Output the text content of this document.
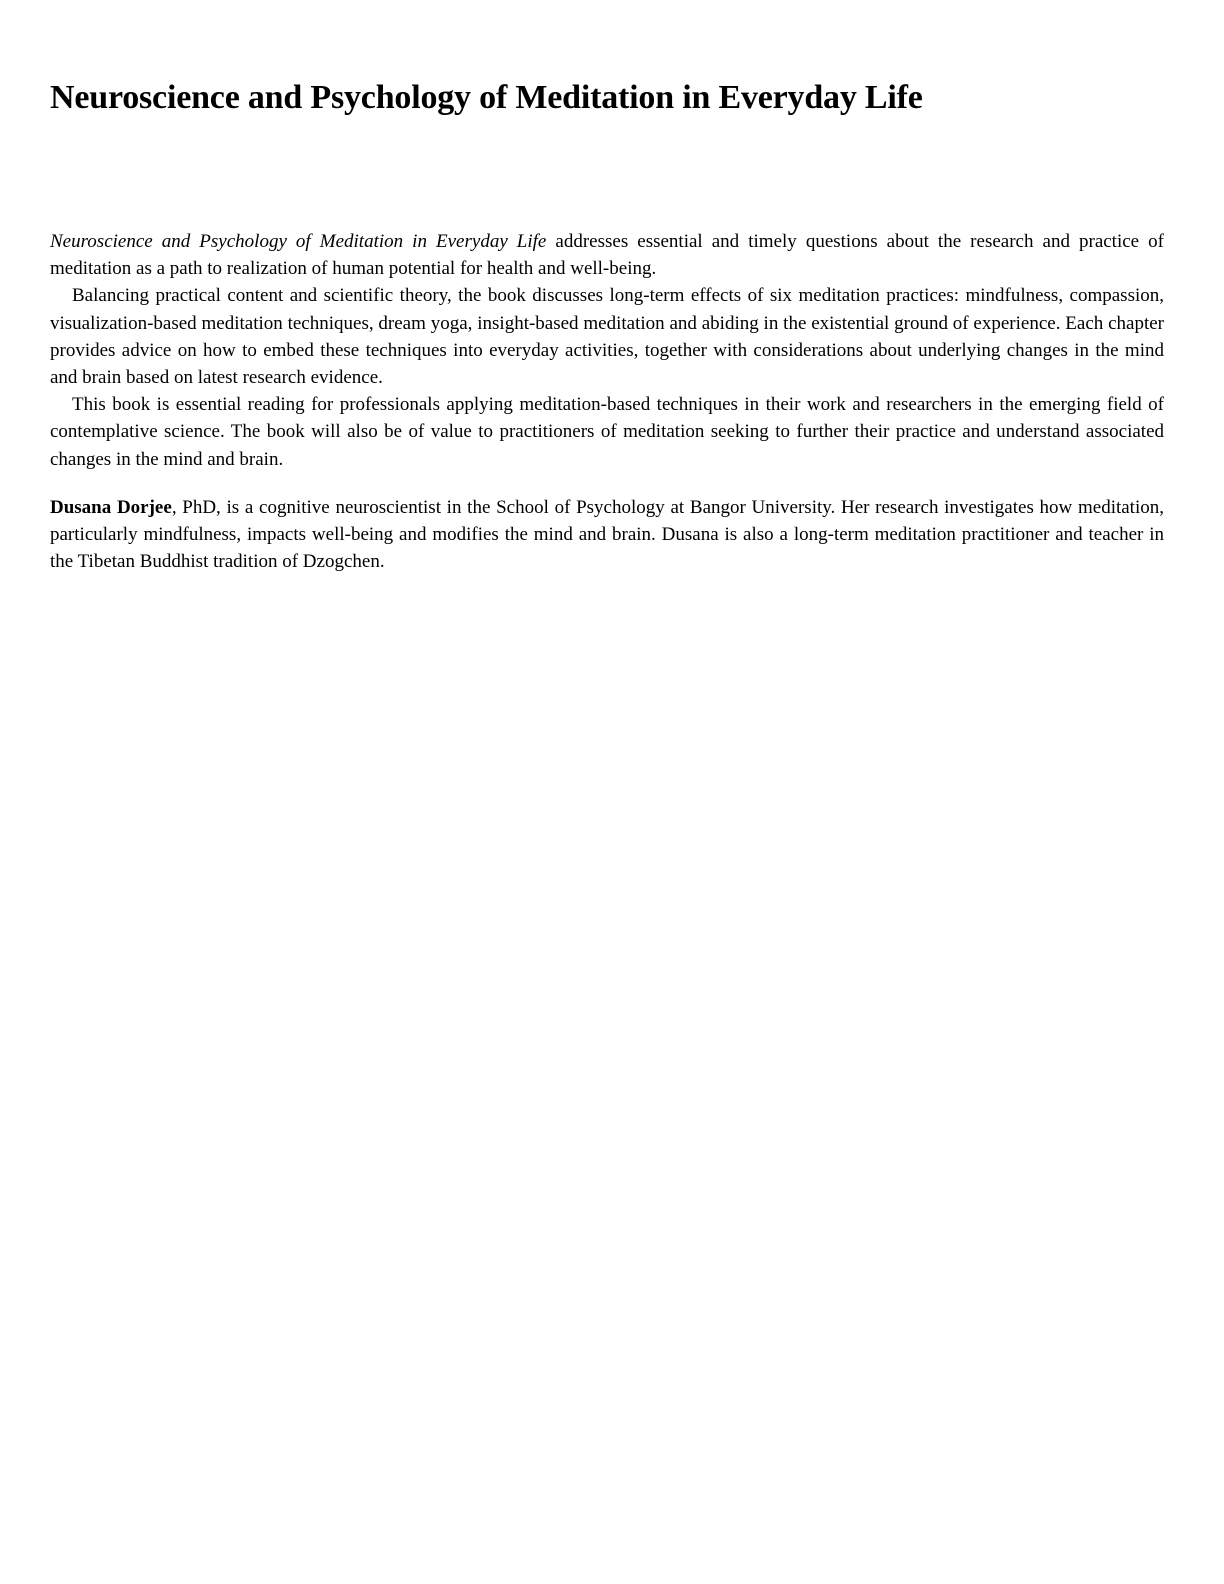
Neuroscience and Psychology of Meditation in Everyday Life

Neuroscience and Psychology of Meditation in Everyday Life addresses essential and timely questions about the research and practice of meditation as a path to realization of human potential for health and well-being.

Balancing practical content and scientific theory, the book discusses long-term effects of six meditation practices: mindfulness, compassion, visualization-based meditation techniques, dream yoga, insight-based meditation and abiding in the existential ground of experience. Each chapter provides advice on how to embed these techniques into everyday activities, together with considerations about underlying changes in the mind and brain based on latest research evidence.

This book is essential reading for professionals applying meditation-based techniques in their work and researchers in the emerging field of contemplative science. The book will also be of value to practitioners of meditation seeking to further their practice and understand associated changes in the mind and brain.

Dusana Dorjee, PhD, is a cognitive neuroscientist in the School of Psychology at Bangor University. Her research investigates how meditation, particularly mindfulness, impacts well-being and modifies the mind and brain. Dusana is also a long-term meditation practitioner and teacher in the Tibetan Buddhist tradition of Dzogchen.
